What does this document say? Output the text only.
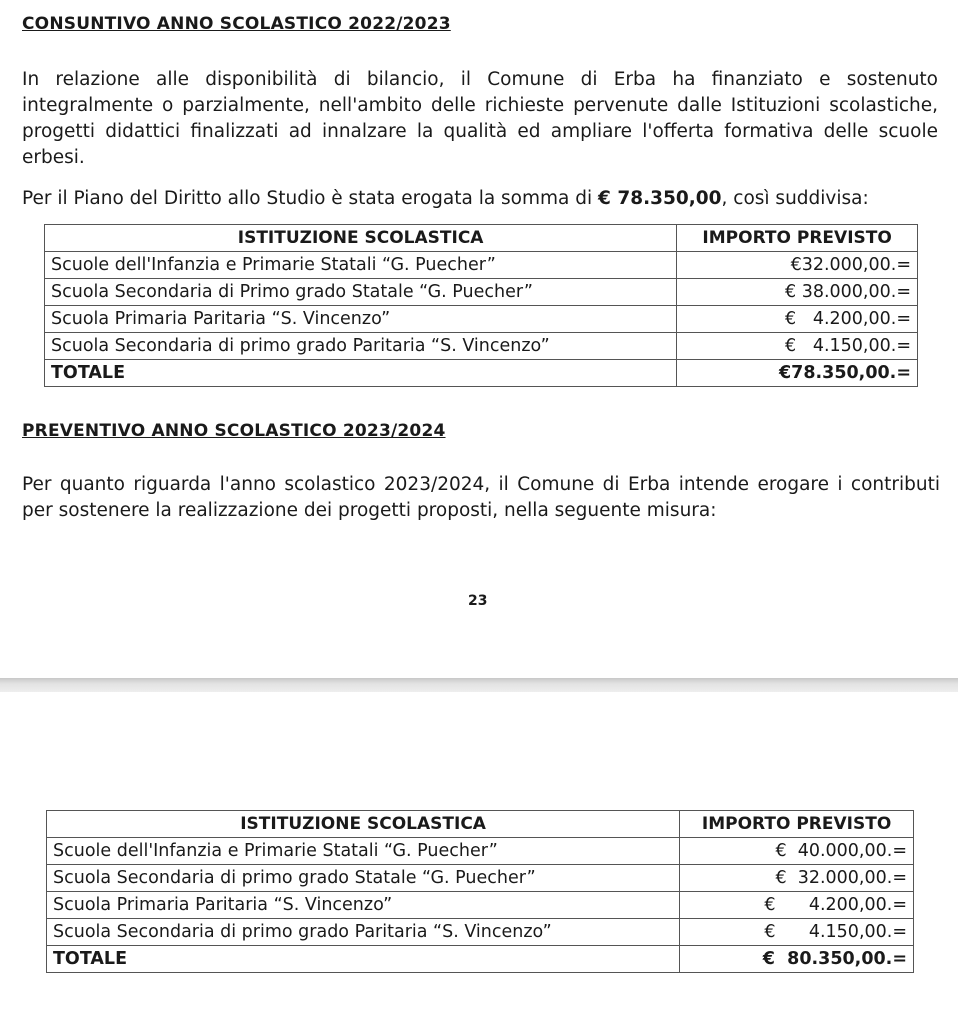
CONSUNTIVO ANNO SCOLASTICO 2022/2023
In relazione alle disponibilità di bilancio, il Comune di Erba ha finanziato e sostenuto integralmente o parzialmente, nell'ambito delle richieste pervenute dalle Istituzioni scolastiche, progetti didattici finalizzati ad innalzare la qualità ed ampliare l'offerta formativa delle scuole erbesi.
Per il Piano del Diritto allo Studio è stata erogata la somma di € 78.350,00, così suddivisa:
ISTITUZIONE SCOLASTICA	IMPORTO PREVISTO
Scuole dell'Infanzia e Primarie Statali “G. Puecher”	€32.000,00.=
Scuola Secondaria di Primo grado Statale “G. Puecher”	€ 38.000,00.=
Scuola Primaria Paritaria “S. Vincenzo”	€   4.200,00.=
Scuola Secondaria di primo grado Paritaria “S. Vincenzo”	€   4.150,00.=
TOTALE	€78.350,00.=
PREVENTIVO ANNO SCOLASTICO 2023/2024
Per quanto riguarda l'anno scolastico 2023/2024, il Comune di Erba intende erogare i contributi per sostenere la realizzazione dei progetti proposti, nella seguente misura:
23
ISTITUZIONE SCOLASTICA	IMPORTO PREVISTO
Scuole dell'Infanzia e Primarie Statali “G. Puecher”	€  40.000,00.=
Scuola Secondaria di primo grado Statale “G. Puecher”	€  32.000,00.=
Scuola Primaria Paritaria “S. Vincenzo”	€      4.200,00.=
Scuola Secondaria di primo grado Paritaria “S. Vincenzo”	€      4.150,00.=
TOTALE	€  80.350,00.=
